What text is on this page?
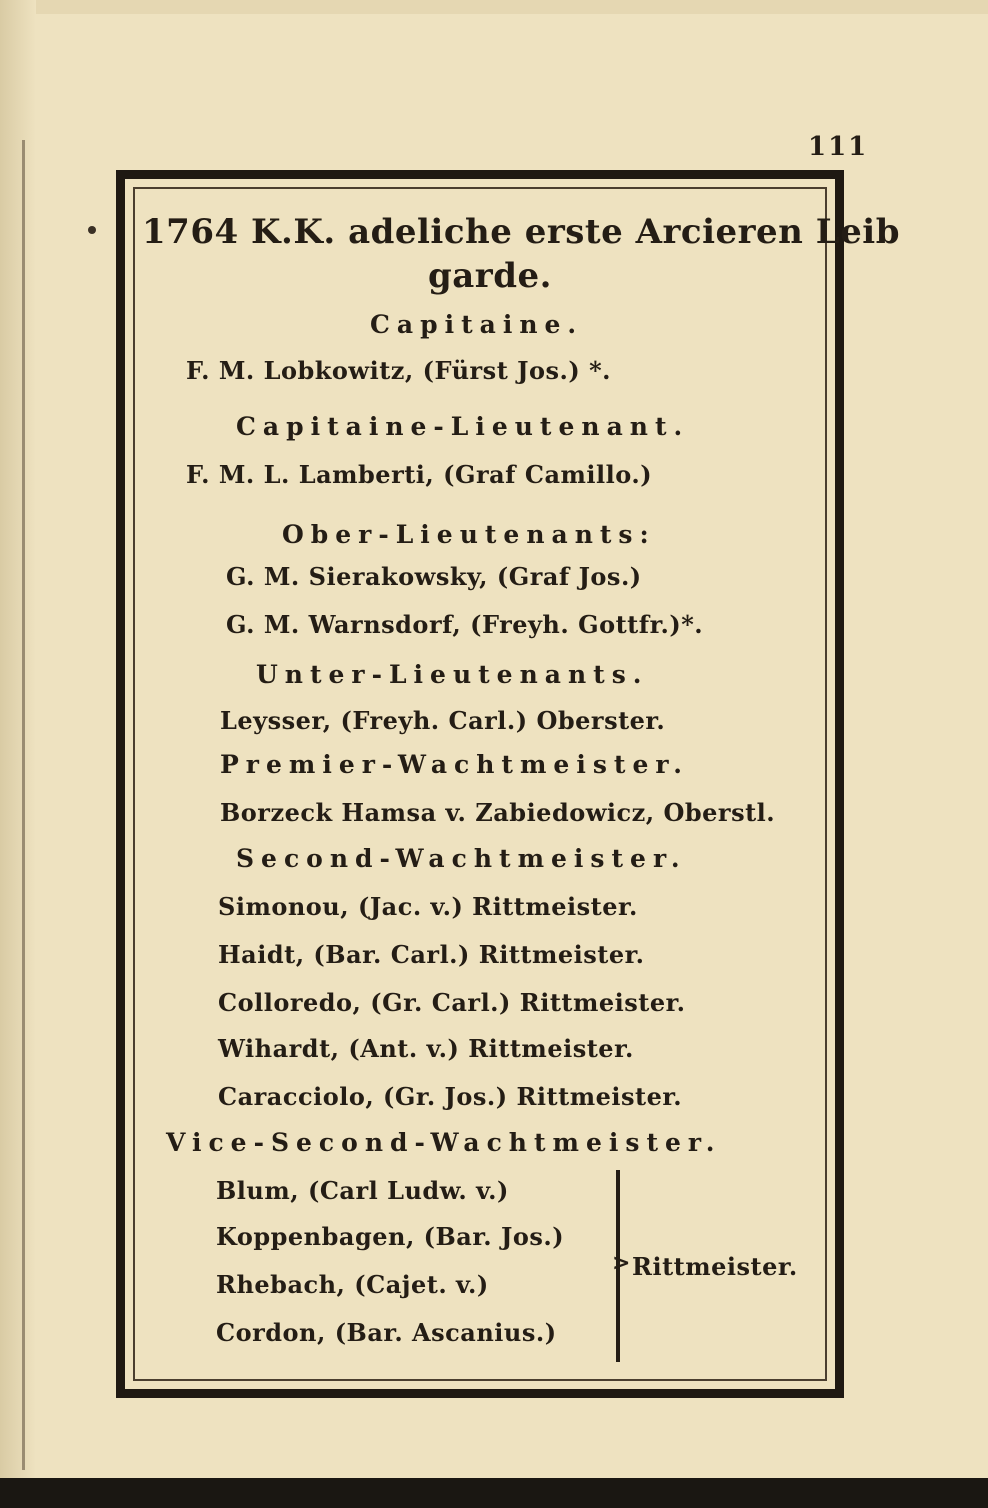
111
1764 K.K. adeliche erste Arcieren Leib
garde.
Capitaine.
F. M. Lobkowitz, (Fürst Jos.) *.
Capitaine-Lieutenant.
F. M. L. Lamberti, (Graf Camillo.)
Ober-Lieutenants:
G. M. Sierakowsky, (Graf Jos.)
G. M. Warnsdorf, (Freyh. Gottfr.)*.
Unter-Lieutenants.
Leysser, (Freyh. Carl.) Oberster.
Premier-Wachtmeister.
Borzeck Hamsa v. Zabiedowicz, Oberstl.
Second-Wachtmeister.
Simonou, (Jac. v.) Rittmeister.
Haidt, (Bar. Carl.) Rittmeister.
Colloredo, (Gr. Carl.) Rittmeister.
Wihardt, (Ant. v.) Rittmeister.
Caracciolo, (Gr. Jos.) Rittmeister.
Vice-Second-Wachtmeister.
Blum, (Carl Ludw. v.)
Koppenbagen, (Bar. Jos.)
Rhebach, (Cajet. v.)
Cordon, (Bar. Ascanius.)
> Rittmeister.
